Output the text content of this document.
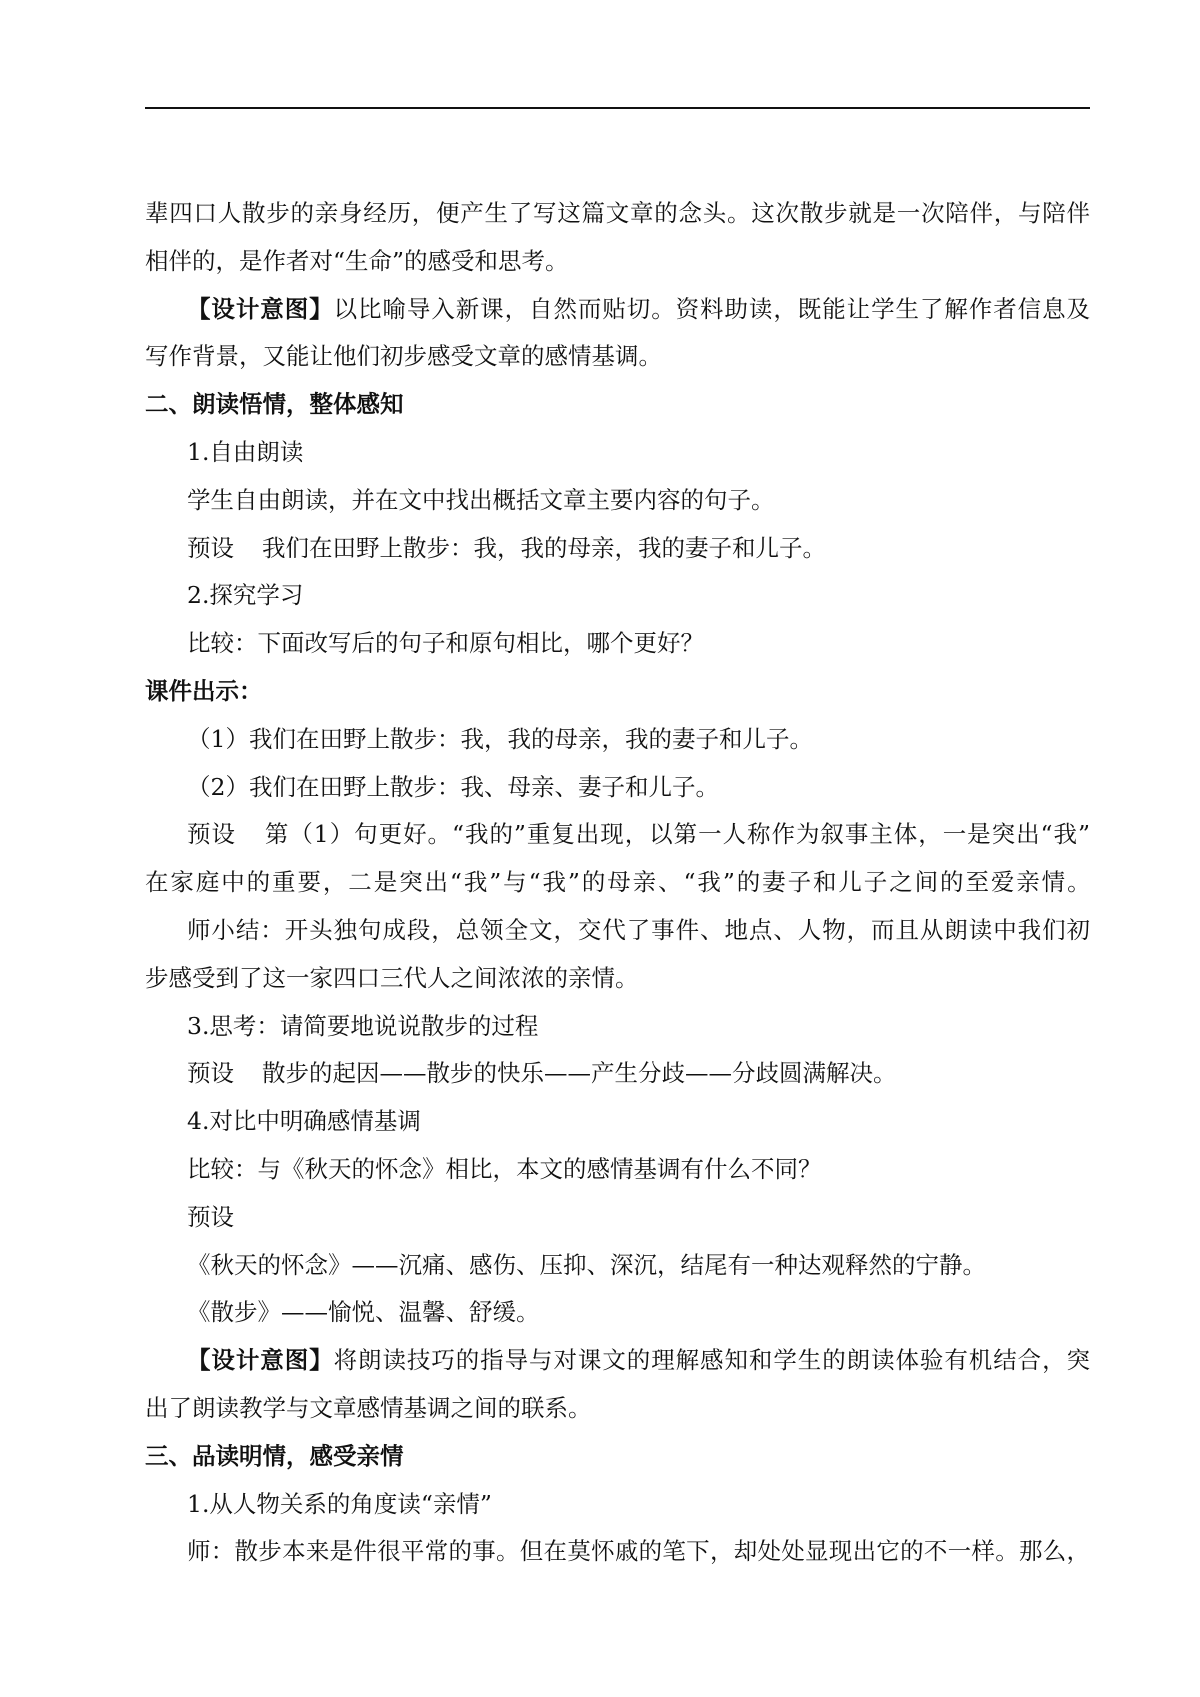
辈四口人散步的亲身经历，便产生了写这篇文章的念头。这次散步就是一次陪伴，与陪伴
相伴的，是作者对“生命”的感受和思考。
【设计意图】以比喻导入新课，自然而贴切。资料助读，既能让学生了解作者信息及
写作背景，又能让他们初步感受文章的感情基调。
二、朗读悟情，整体感知
1.自由朗读
学生自由朗读，并在文中找出概括文章主要内容的句子。
预设 我们在田野上散步：我，我的母亲，我的妻子和儿子。
2.探究学习
比较：下面改写后的句子和原句相比，哪个更好？
课件出示：
（1）我们在田野上散步：我，我的母亲，我的妻子和儿子。
（2）我们在田野上散步：我、母亲、妻子和儿子。
预设 第（1）句更好。“我的”重复出现，以第一人称作为叙事主体，一是突出“我”
在家庭中的重要，二是突出“我”与“我”的母亲、“我”的妻子和儿子之间的至爱亲情。
师小结：开头独句成段，总领全文，交代了事件、地点、人物，而且从朗读中我们初
步感受到了这一家四口三代人之间浓浓的亲情。
3.思考：请简要地说说散步的过程
预设 散步的起因——散步的快乐——产生分歧——分歧圆满解决。
4.对比中明确感情基调
比较：与《秋天的怀念》相比，本文的感情基调有什么不同？
预设
《秋天的怀念》——沉痛、感伤、压抑、深沉，结尾有一种达观释然的宁静。
《散步》——愉悦、温馨、舒缓。
【设计意图】将朗读技巧的指导与对课文的理解感知和学生的朗读体验有机结合，突
出了朗读教学与文章感情基调之间的联系。
三、品读明情，感受亲情
1.从人物关系的角度读“亲情”
师：散步本来是件很平常的事。但在莫怀戚的笔下，却处处显现出它的不一样。那么，
